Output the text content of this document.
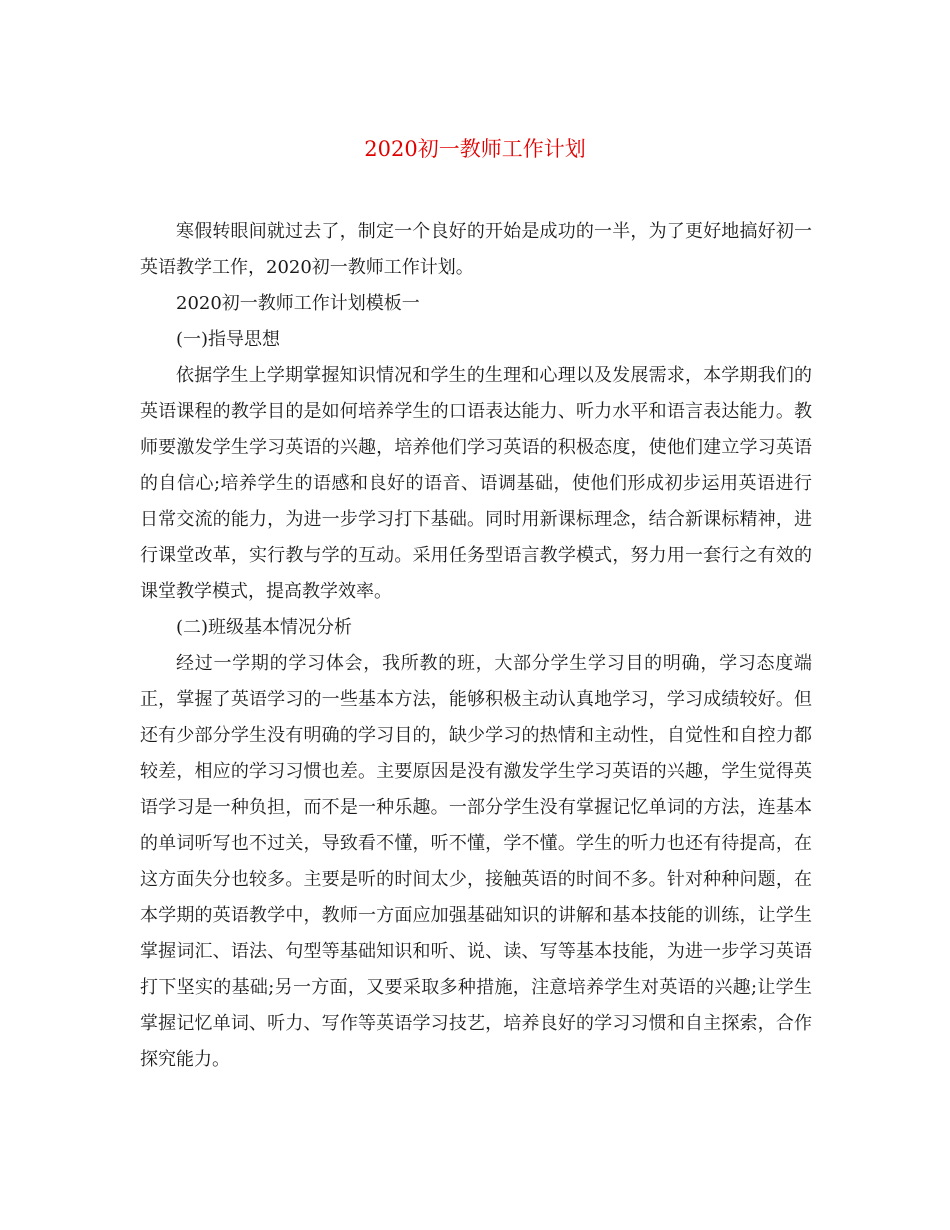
2020初一教师工作计划

寒假转眼间就过去了，制定一个良好的开始是成功的一半，为了更好地搞好初一英语教学工作，2020初一教师工作计划。

2020初一教师工作计划模板一

(一)指导思想

依据学生上学期掌握知识情况和学生的生理和心理以及发展需求，本学期我们的英语课程的教学目的是如何培养学生的口语表达能力、听力水平和语言表达能力。教师要激发学生学习英语的兴趣，培养他们学习英语的积极态度，使他们建立学习英语的自信心;培养学生的语感和良好的语音、语调基础，使他们形成初步运用英语进行日常交流的能力，为进一步学习打下基础。同时用新课标理念，结合新课标精神，进行课堂改革，实行教与学的互动。采用任务型语言教学模式，努力用一套行之有效的课堂教学模式，提高教学效率。

(二)班级基本情况分析

经过一学期的学习体会，我所教的班，大部分学生学习目的明确，学习态度端正，掌握了英语学习的一些基本方法，能够积极主动认真地学习，学习成绩较好。但还有少部分学生没有明确的学习目的，缺少学习的热情和主动性，自觉性和自控力都较差，相应的学习习惯也差。主要原因是没有激发学生学习英语的兴趣，学生觉得英语学习是一种负担，而不是一种乐趣。一部分学生没有掌握记忆单词的方法，连基本的单词听写也不过关，导致看不懂，听不懂，学不懂。学生的听力也还有待提高，在这方面失分也较多。主要是听的时间太少，接触英语的时间不多。针对种种问题，在本学期的英语教学中，教师一方面应加强基础知识的讲解和基本技能的训练，让学生掌握词汇、语法、句型等基础知识和听、说、读、写等基本技能，为进一步学习英语打下坚实的基础;另一方面，又要采取多种措施，注意培养学生对英语的兴趣;让学生掌握记忆单词、听力、写作等英语学习技艺，培养良好的学习习惯和自主探索，合作探究能力。
